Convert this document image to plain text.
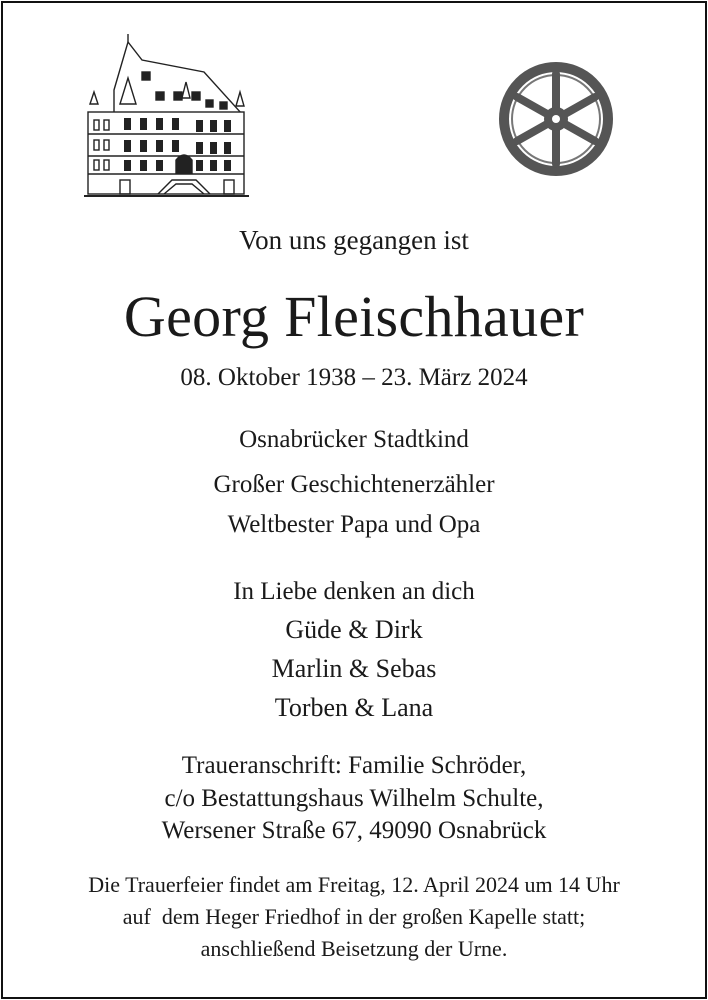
Von uns gegangen ist
Georg Fleischhauer
08. Oktober 1938 – 23. März 2024
Osnabrücker Stadtkind
Großer Geschichtenerzähler
Weltbester Papa und Opa
In Liebe denken an dich
Güde & Dirk
Marlin & Sebas
Torben & Lana
Traueranschrift: Familie Schröder,
c/o Bestattungshaus Wilhelm Schulte,
Wersener Straße 67, 49090 Osnabrück
Die Trauerfeier findet am Freitag, 12. April 2024 um 14 Uhr
auf  dem Heger Friedhof in der großen Kapelle statt;
anschließend Beisetzung der Urne.
